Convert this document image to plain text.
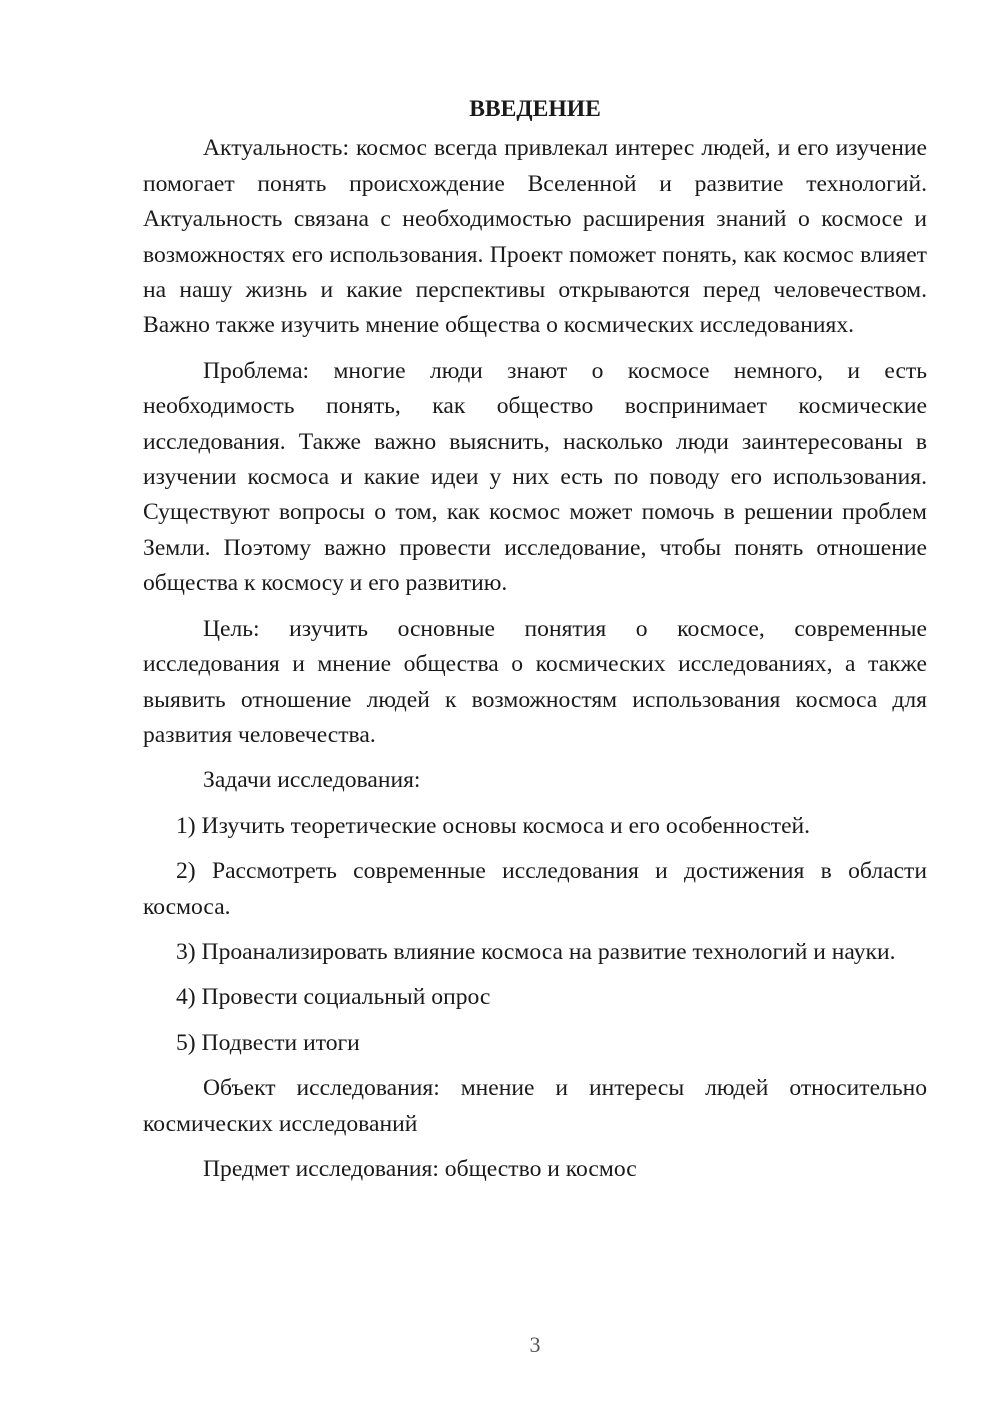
ВВЕДЕНИЕ

Актуальность: космос всегда привлекал интерес людей, и его изучение помогает понять происхождение Вселенной и развитие технологий. Актуальность связана с необходимостью расширения знаний о космосе и возможностях его использования. Проект поможет понять, как космос влияет на нашу жизнь и какие перспективы открываются перед человечеством. Важно также изучить мнение общества о космических исследованиях.

Проблема: многие люди знают о космосе немного, и есть необходимость понять, как общество воспринимает космические исследования. Также важно выяснить, насколько люди заинтересованы в изучении космоса и какие идеи у них есть по поводу его использования. Существуют вопросы о том, как космос может помочь в решении проблем Земли. Поэтому важно провести исследование, чтобы понять отношение общества к космосу и его развитию.

Цель: изучить основные понятия о космосе, современные исследования и мнение общества о космических исследованиях, а также выявить отношение людей к возможностям использования космоса для развития человечества.

Задачи исследования:

1) Изучить теоретические основы космоса и его особенностей.

2) Рассмотреть современные исследования и достижения в области космоса.

3) Проанализировать влияние космоса на развитие технологий и науки.

4) Провести социальный опрос

5) Подвести итоги

Объект исследования: мнение и интересы людей относительно космических исследований

Предмет исследования: общество и космос

3
